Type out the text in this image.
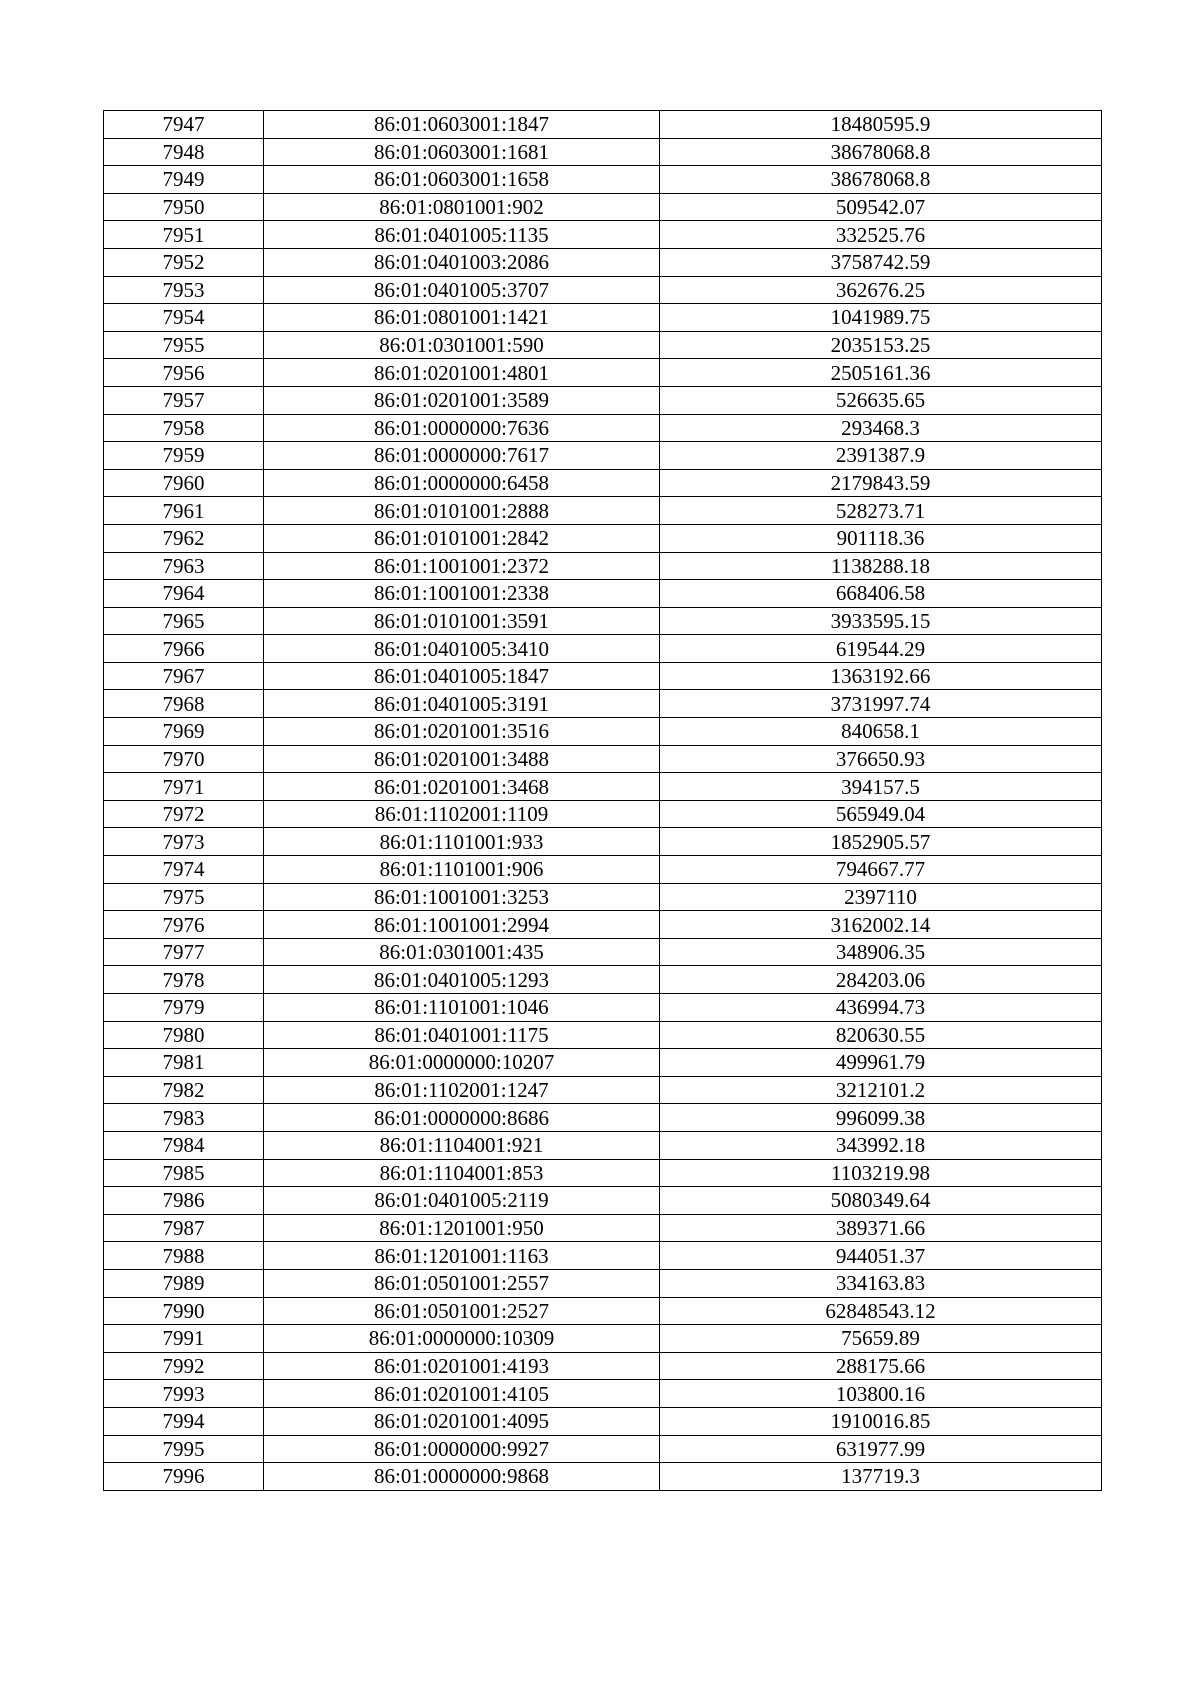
7947	86:01:0603001:1847	18480595.9
7948	86:01:0603001:1681	38678068.8
7949	86:01:0603001:1658	38678068.8
7950	86:01:0801001:902	509542.07
7951	86:01:0401005:1135	332525.76
7952	86:01:0401003:2086	3758742.59
7953	86:01:0401005:3707	362676.25
7954	86:01:0801001:1421	1041989.75
7955	86:01:0301001:590	2035153.25
7956	86:01:0201001:4801	2505161.36
7957	86:01:0201001:3589	526635.65
7958	86:01:0000000:7636	293468.3
7959	86:01:0000000:7617	2391387.9
7960	86:01:0000000:6458	2179843.59
7961	86:01:0101001:2888	528273.71
7962	86:01:0101001:2842	901118.36
7963	86:01:1001001:2372	1138288.18
7964	86:01:1001001:2338	668406.58
7965	86:01:0101001:3591	3933595.15
7966	86:01:0401005:3410	619544.29
7967	86:01:0401005:1847	1363192.66
7968	86:01:0401005:3191	3731997.74
7969	86:01:0201001:3516	840658.1
7970	86:01:0201001:3488	376650.93
7971	86:01:0201001:3468	394157.5
7972	86:01:1102001:1109	565949.04
7973	86:01:1101001:933	1852905.57
7974	86:01:1101001:906	794667.77
7975	86:01:1001001:3253	2397110
7976	86:01:1001001:2994	3162002.14
7977	86:01:0301001:435	348906.35
7978	86:01:0401005:1293	284203.06
7979	86:01:1101001:1046	436994.73
7980	86:01:0401001:1175	820630.55
7981	86:01:0000000:10207	499961.79
7982	86:01:1102001:1247	3212101.2
7983	86:01:0000000:8686	996099.38
7984	86:01:1104001:921	343992.18
7985	86:01:1104001:853	1103219.98
7986	86:01:0401005:2119	5080349.64
7987	86:01:1201001:950	389371.66
7988	86:01:1201001:1163	944051.37
7989	86:01:0501001:2557	334163.83
7990	86:01:0501001:2527	62848543.12
7991	86:01:0000000:10309	75659.89
7992	86:01:0201001:4193	288175.66
7993	86:01:0201001:4105	103800.16
7994	86:01:0201001:4095	1910016.85
7995	86:01:0000000:9927	631977.99
7996	86:01:0000000:9868	137719.3
